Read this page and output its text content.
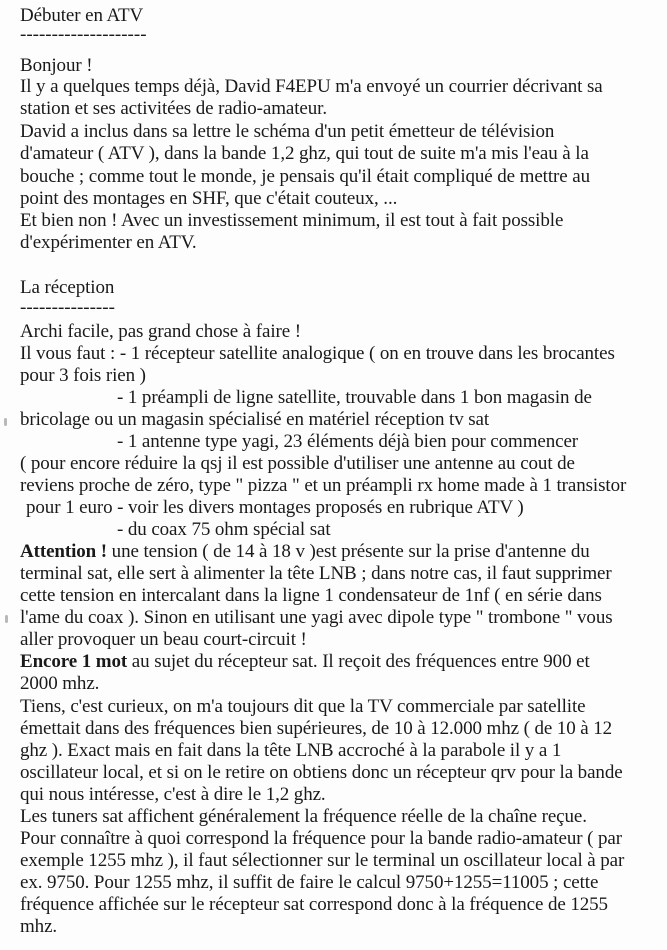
Débuter en ATV
--------------------
Bonjour !
Il y a quelques temps déjà, David F4EPU m'a envoyé un courrier décrivant sa
station et ses activitées de radio-amateur.
David a inclus dans sa lettre le schéma d'un petit émetteur de télévision
d'amateur ( ATV ), dans la bande 1,2 ghz, qui tout de suite m'a mis l'eau à la
bouche ; comme tout le monde, je pensais qu'il était compliqué de mettre au
point des montages en SHF, que c'était couteux, ...
Et bien non ! Avec un investissement minimum, il est tout à fait possible
d'expérimenter en ATV.
La réception
---------------
Archi facile, pas grand chose à faire !
Il vous faut : - 1 récepteur satellite analogique ( on en trouve dans les brocantes
pour 3 fois rien )
- 1 préampli de ligne satellite, trouvable dans 1 bon magasin de
bricolage ou un magasin spécialisé en matériel réception tv sat
- 1 antenne type yagi, 23 éléments déjà bien pour commencer
( pour encore réduire la qsj il est possible d'utiliser une antenne au cout de
reviens proche de zéro, type " pizza " et un préampli rx home made à 1 transistor
pour 1 euro - voir les divers montages proposés en rubrique ATV )
- du coax 75 ohm spécial sat
Attention ! une tension ( de 14 à 18 v )est présente sur la prise d'antenne du
terminal sat, elle sert à alimenter la tête LNB ; dans notre cas, il faut supprimer
cette tension en intercalant dans la ligne 1 condensateur de 1nf ( en série dans
l'ame du coax ). Sinon en utilisant une yagi avec dipole type " trombone " vous
aller provoquer un beau court-circuit !
Encore 1 mot au sujet du récepteur sat. Il reçoit des fréquences entre 900 et
2000 mhz.
Tiens, c'est curieux, on m'a toujours dit que la TV commerciale par satellite
émettait dans des fréquences bien supérieures, de 10 à 12.000 mhz ( de 10 à 12
ghz ). Exact mais en fait dans la tête LNB accroché à la parabole il y a 1
oscillateur local, et si on le retire on obtiens donc un récepteur qrv pour la bande
qui nous intéresse, c'est à dire le 1,2 ghz.
Les tuners sat affichent généralement la fréquence réelle de la chaîne reçue.
Pour connaître à quoi correspond la fréquence pour la bande radio-amateur ( par
exemple 1255 mhz ), il faut sélectionner sur le terminal un oscillateur local à par
ex. 9750. Pour 1255 mhz, il suffit de faire le calcul 9750+1255=11005 ; cette
fréquence affichée sur le récepteur sat correspond donc à la fréquence de 1255
mhz.
